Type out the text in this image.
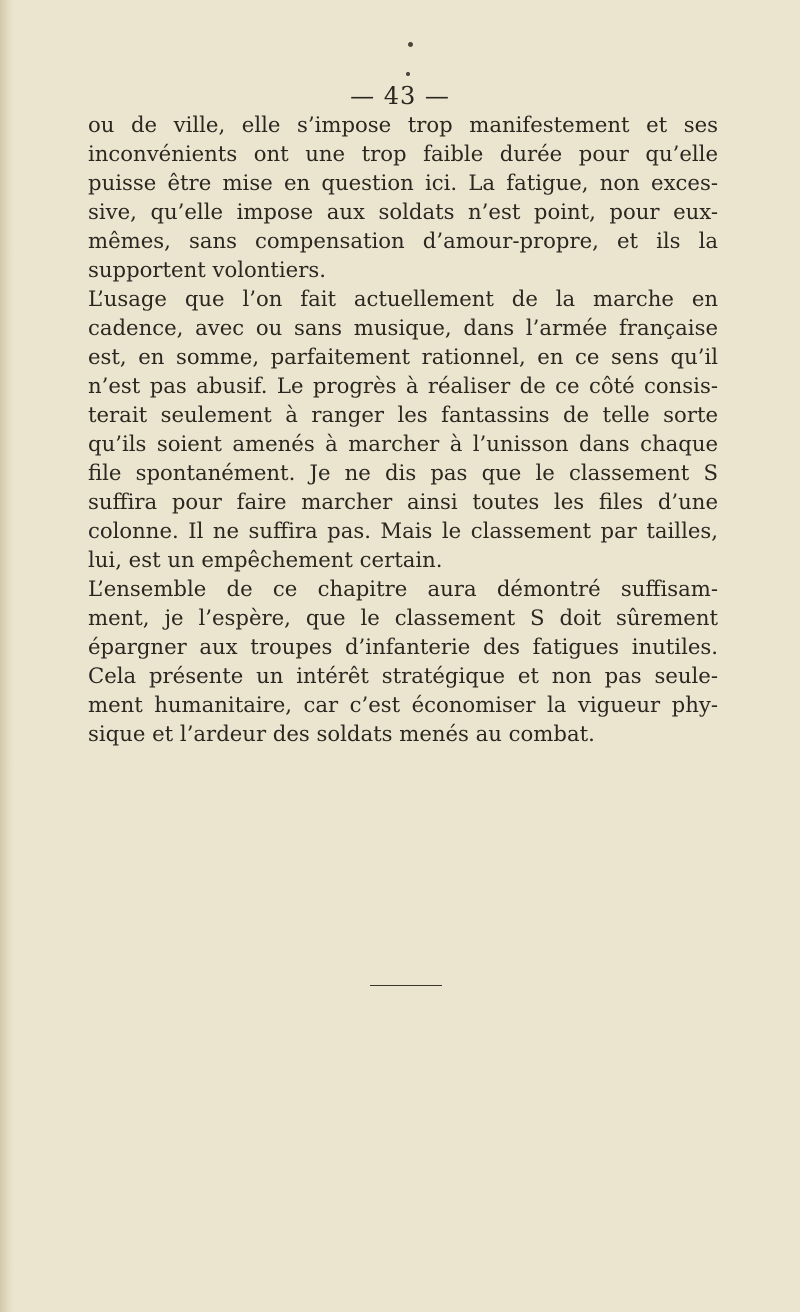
— 43 —
ou de ville, elle s’impose trop manifestement et ses
inconvénients ont une trop faible durée pour qu’elle
puisse être mise en question ici. La fatigue, non exces-
sive, qu’elle impose aux soldats n’est point, pour eux-
mêmes, sans compensation d’amour-propre, et ils la
supportent volontiers.
L’usage que l’on fait actuellement de la marche en
cadence, avec ou sans musique, dans l’armée française
est, en somme, parfaitement rationnel, en ce sens qu’il
n’est pas abusif. Le progrès à réaliser de ce côté consis-
terait seulement à ranger les fantassins de telle sorte
qu’ils soient amenés à marcher à l’unisson dans chaque
file spontanément. Je ne dis pas que le classement S
suffira pour faire marcher ainsi toutes les files d’une
colonne. Il ne suffira pas. Mais le classement par tailles,
lui, est un empêchement certain.
L’ensemble de ce chapitre aura démontré suffisam-
ment, je l’espère, que le classement S doit sûrement
épargner aux troupes d’infanterie des fatigues inutiles.
Cela présente un intérêt stratégique et non pas seule-
ment humanitaire, car c’est économiser la vigueur phy-
sique et l’ardeur des soldats menés au combat.
